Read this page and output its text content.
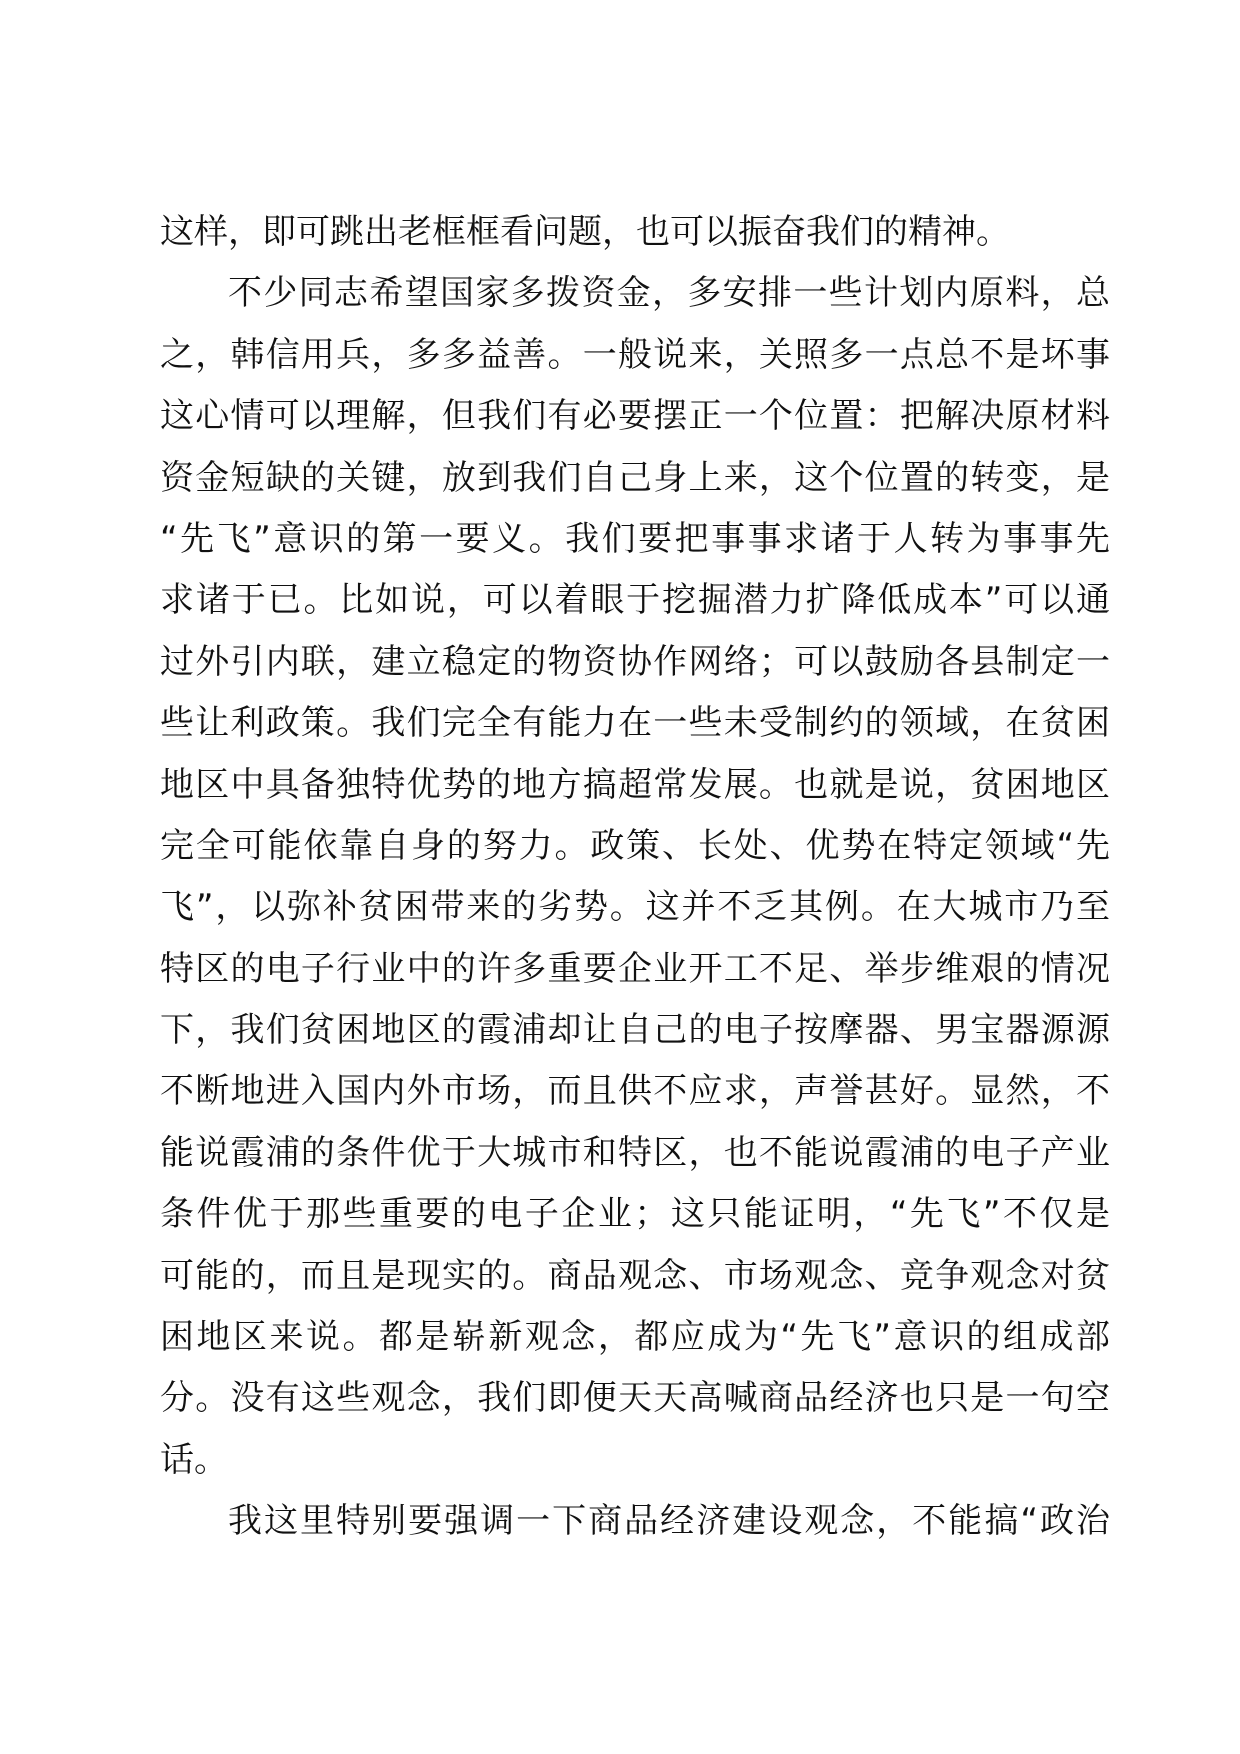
这样，即可跳出老框框看问题，也可以振奋我们的精神。
不少同志希望国家多拨资金，多安排一些计划内原料，总
之，韩信用兵，多多益善。一般说来，关照多一点总不是坏事
这心情可以理解，但我们有必要摆正一个位置：把解决原材料
资金短缺的关键，放到我们自己身上来，这个位置的转变，是
“先飞”意识的第一要义。我们要把事事求诸于人转为事事先
求诸于已。比如说，可以着眼于挖掘潜力扩降低成本”可以通
过外引内联，建立稳定的物资协作网络；可以鼓励各县制定一
些让利政策。我们完全有能力在一些未受制约的领域，在贫困
地区中具备独特优势的地方搞超常发展。也就是说，贫困地区
完全可能依靠自身的努力。政策、长处、优势在特定领域“先
飞”，以弥补贫困带来的劣势。这并不乏其例。在大城市乃至
特区的电子行业中的许多重要企业开工不足、举步维艰的情况
下，我们贫困地区的霞浦却让自己的电子按摩器、男宝器源源
不断地进入国内外市场，而且供不应求，声誉甚好。显然，不
能说霞浦的条件优于大城市和特区，也不能说霞浦的电子产业
条件优于那些重要的电子企业；这只能证明，“先飞”不仅是
可能的，而且是现实的。商品观念、市场观念、竞争观念对贫
困地区来说。都是崭新观念，都应成为“先飞”意识的组成部
分。没有这些观念，我们即便天天高喊商品经济也只是一句空
话。
我这里特别要强调一下商品经济建设观念，不能搞“政治
